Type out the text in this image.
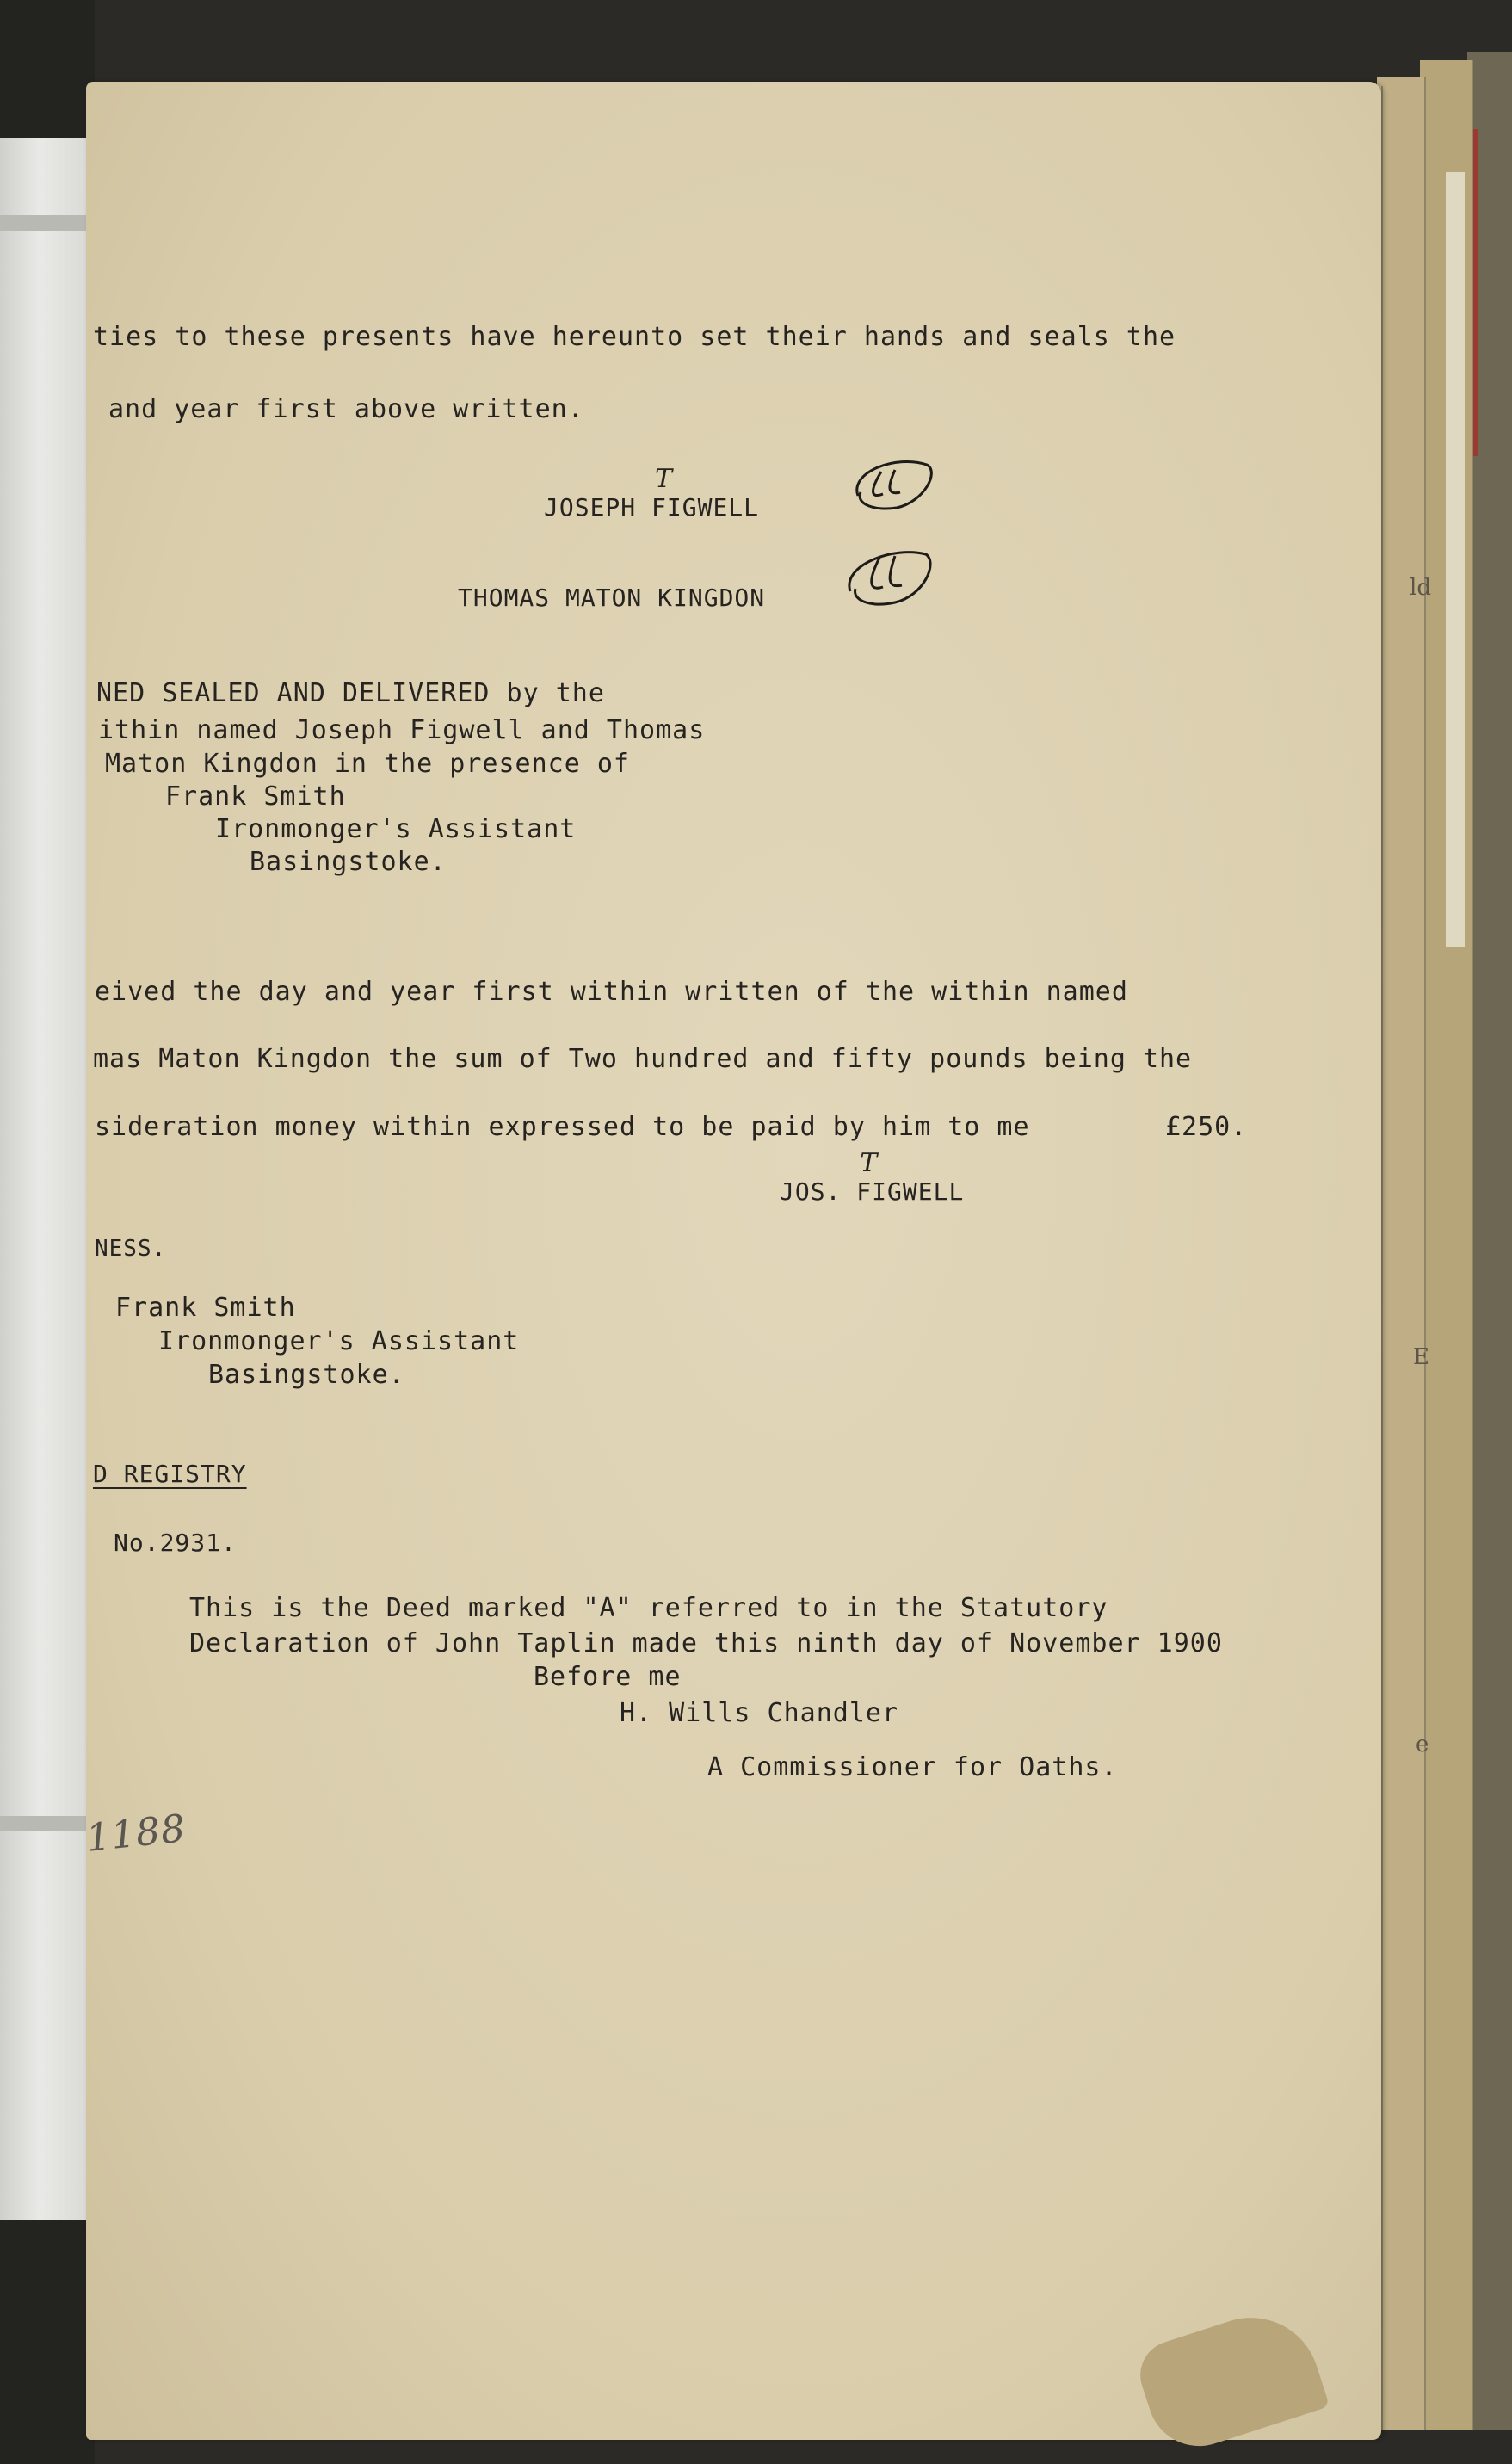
ld
E
e
ties to these presents have hereunto set their hands and seals the
and year first above written.
JOSEPH F
T
IGWELL
THOMAS MATON KINGDON
NED SEALED AND DELIVERED by the
ithin named Joseph Figwell and Thomas
Maton Kingdon in the presence of
Frank Smith
Ironmonger's Assistant
Basingstoke.
eived the day and year first within written of the within named
mas Maton Kingdon the sum of Two hundred and fifty pounds being the
sideration money within expressed to be paid by him to me	£250.
JOS. F
T
IGWELL
NESS.
Frank Smith
Ironmonger's Assistant
Basingstoke.
D REGISTRY
No.2931.
This is the Deed marked "A" referred to in the Statutory
Declaration of John Taplin made this ninth day of November 1900
Before me
H. Wills Chandler
A Commissioner for Oaths.
1188
